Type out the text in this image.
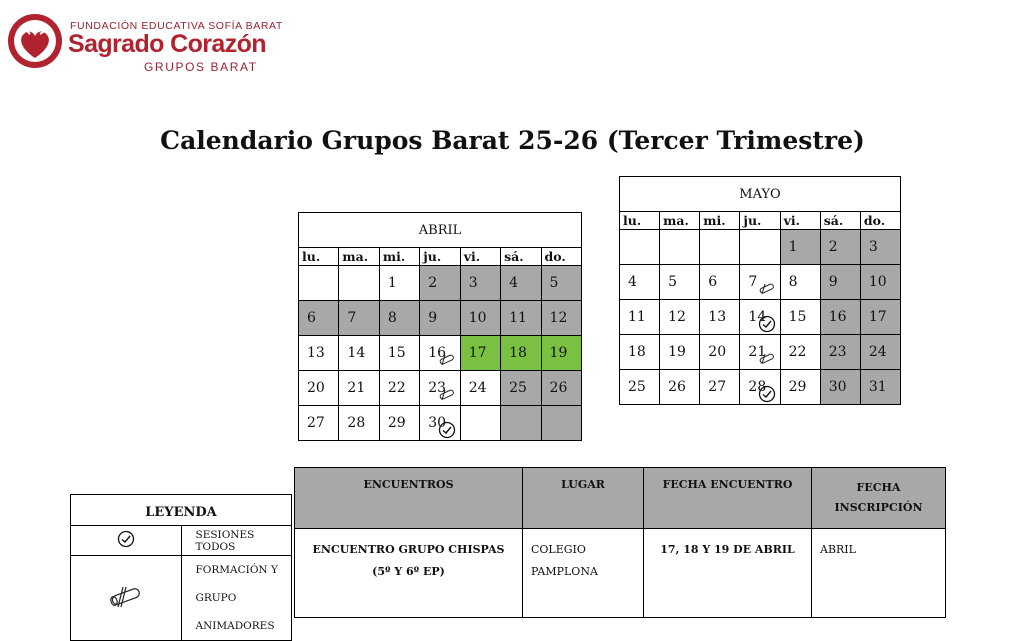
FUNDACIÓN EDUCATIVA SOFÍA BARAT
Sagrado Corazón
GRUPOS BARAT
Calendario Grupos Barat 25-26 (Tercer Trimestre)
ABRIL						
lu.	ma.	mi.	ju.	vi.	sá.	do.

		1	2	3	4	5

6	7	8	9	10	11	12

13	14	15	16	17	18	19

20	21	22	23	24	25	26

27	28	29	30			

MAYO						
lu.	ma.	mi.	ju.	vi.	sá.	do.

				1	2	3

4	5	6	7	8	9	10

11	12	13	14	15	16	17

18	19	20	21	22	23	24

25	26	27	28	29	30	31
LEYENDA	
	SESIONES TODOS
	FORMACIÓN Y GRUPO
ANIMADORES
ENCUENTROS	LUGAR	FECHA ENCUENTRO	FECHA
INSCRIPCIÓN
ENCUENTRO GRUPO CHISPAS
(5º Y 6º EP)	COLEGIO
PAMPLONA	17, 18 Y 19 DE ABRIL	ABRIL
